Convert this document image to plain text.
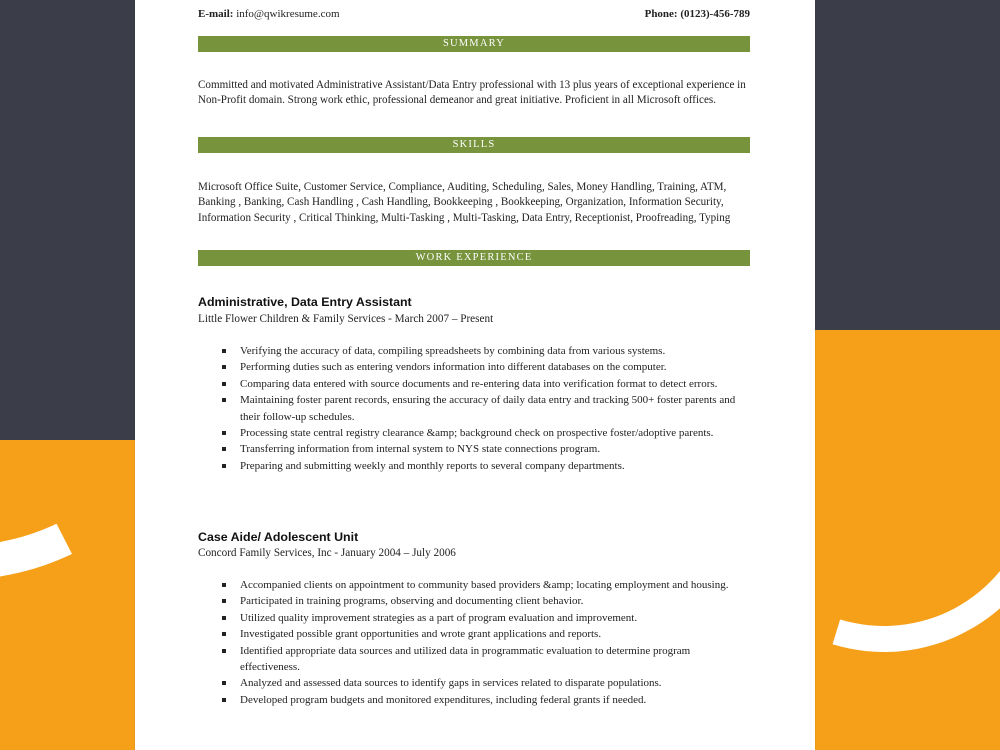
E-mail: info@qwikresume.com	Phone: (0123)-456-789
SUMMARY
Committed and motivated Administrative Assistant/Data Entry professional with 13 plus years of exceptional experience in Non-Profit domain. Strong work ethic, professional demeanor and great initiative. Proficient in all Microsoft offices.
SKILLS
Microsoft Office Suite, Customer Service, Compliance, Auditing, Scheduling, Sales, Money Handling, Training, ATM, Banking , Banking, Cash Handling , Cash Handling, Bookkeeping , Bookkeeping, Organization, Information Security, Information Security , Critical Thinking, Multi-Tasking , Multi-Tasking, Data Entry, Receptionist, Proofreading, Typing
WORK EXPERIENCE
Administrative, Data Entry Assistant
Little Flower Children & Family Services - March 2007 – Present
Verifying the accuracy of data, compiling spreadsheets by combining data from various systems.
Performing duties such as entering vendors information into different databases on the computer.
Comparing data entered with source documents and re-entering data into verification format to detect errors.
Maintaining foster parent records, ensuring the accuracy of daily data entry and tracking 500+ foster parents and their follow-up schedules.
Processing state central registry clearance &amp; background check on prospective foster/adoptive parents.
Transferring information from internal system to NYS state connections program.
Preparing and submitting weekly and monthly reports to several company departments.
Case Aide/ Adolescent Unit
Concord Family Services, Inc - January 2004 – July 2006
Accompanied clients on appointment to community based providers &amp; locating employment and housing.
Participated in training programs, observing and documenting client behavior.
Utilized quality improvement strategies as a part of program evaluation and improvement.
Investigated possible grant opportunities and wrote grant applications and reports.
Identified appropriate data sources and utilized data in programmatic evaluation to determine program effectiveness.
Analyzed and assessed data sources to identify gaps in services related to disparate populations.
Developed program budgets and monitored expenditures, including federal grants if needed.
